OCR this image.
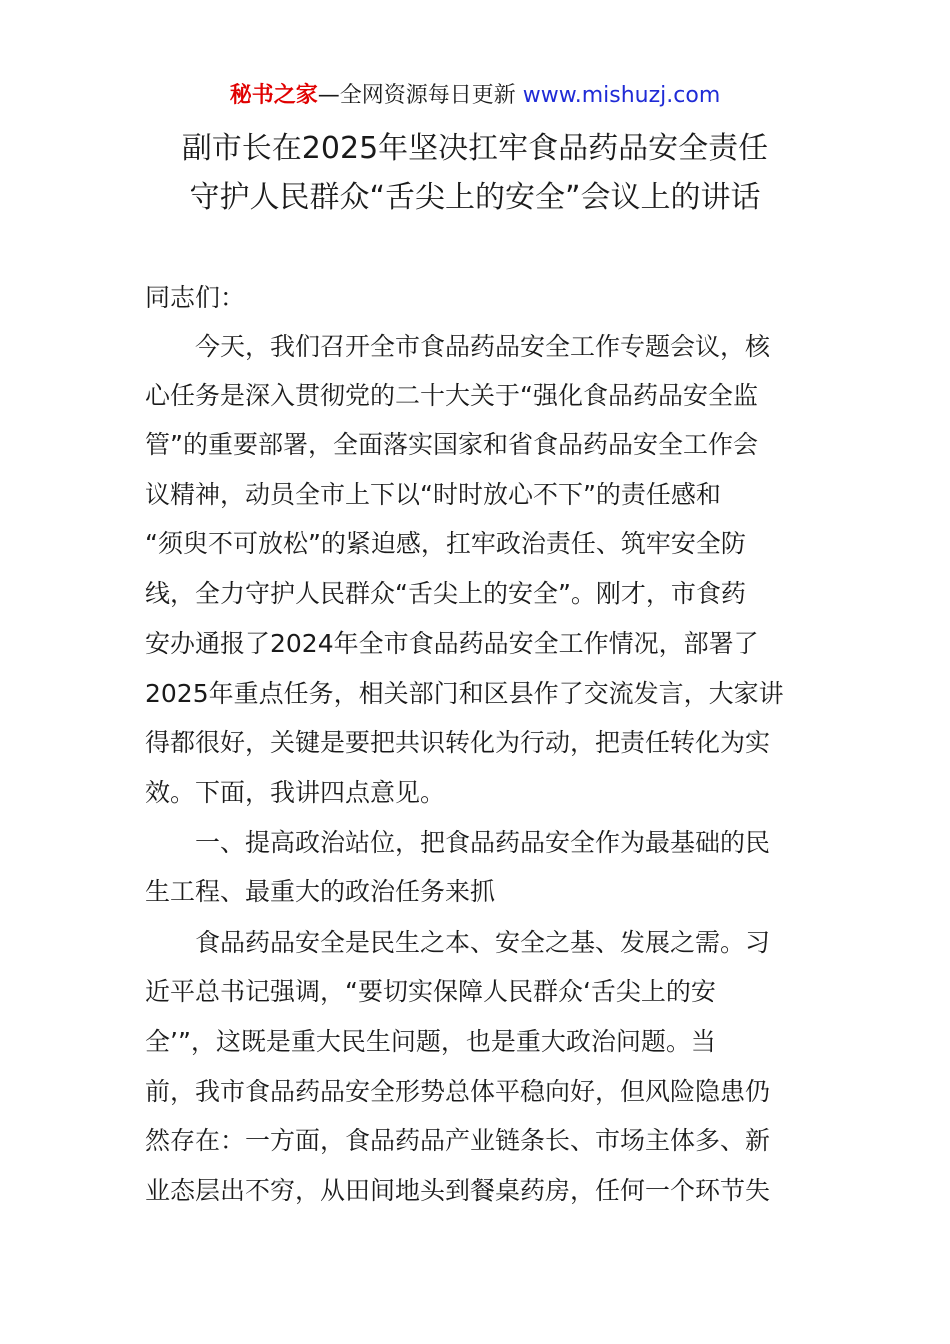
秘书之家—全网资源每日更新 www.mishuzj.com
副市长在2025年坚决扛牢食品药品安全责任
守护人民群众“舌尖上的安全”会议上的讲话
同志们：
今天，我们召开全市食品药品安全工作专题会议，核
心任务是深入贯彻党的二十大关于“强化食品药品安全监
管”的重要部署，全面落实国家和省食品药品安全工作会
议精神，动员全市上下以“时时放心不下”的责任感和
“须臾不可放松”的紧迫感，扛牢政治责任、筑牢安全防
线，全力守护人民群众“舌尖上的安全”。刚才，市食药
安办通报了2024年全市食品药品安全工作情况，部署了
2025年重点任务，相关部门和区县作了交流发言，大家讲
得都很好，关键是要把共识转化为行动，把责任转化为实
效。下面，我讲四点意见。
一、提高政治站位，把食品药品安全作为最基础的民
生工程、最重大的政治任务来抓
食品药品安全是民生之本、安全之基、发展之需。习
近平总书记强调，“要切实保障人民群众‘舌尖上的安
全’”，这既是重大民生问题，也是重大政治问题。当
前，我市食品药品安全形势总体平稳向好，但风险隐患仍
然存在：一方面，食品药品产业链条长、市场主体多、新
业态层出不穷，从田间地头到餐桌药房，任何一个环节失
